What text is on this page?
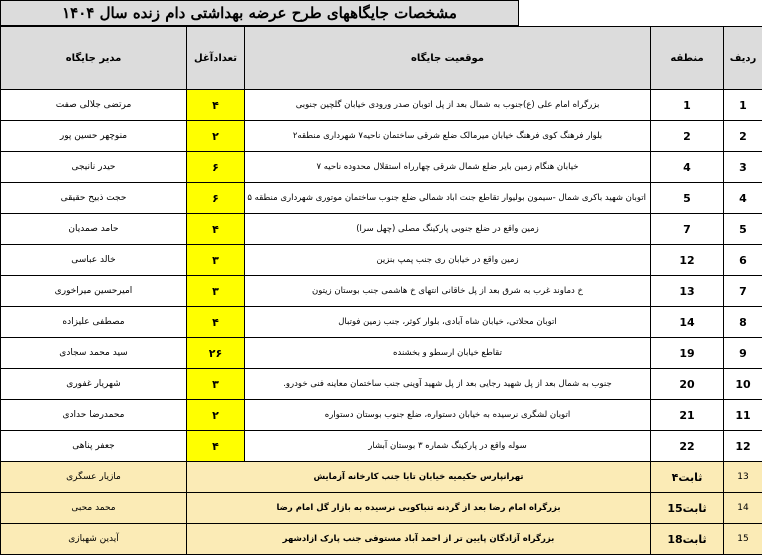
مشخصات جایگاههای طرح عرضه بهداشتی دام زنده سال ۱۴۰۴
ردیف	منطقه	موقعیت جایگاه	تعدادآغل	مدیر جایگاه
1	1	بزرگراه امام علی (ع)جنوب به شمال بعد از پل اتوبان صدر ورودی خیابان گلچین جنوبی	۴	مرتضی جلالی صفت
2	2	بلوار فرهنگ کوی فرهنگ خیابان میرمالک ضلع شرقی ساختمان ناحیه۷ شهرداری منطقه۲	۲	منوچهر حسین پور
3	4	خیابان هنگام زمین بایر ضلع شمال شرقی چهارراه استقلال محدوده ناحیه ۷	۶	حیدر نانیجی
4	5	اتوبان شهید باکری شمال -سیمون بولیوار تقاطع جنت اباد شمالی ضلع جنوب ساختمان موتوری شهرداری منطقه ۵	۶	حجت ذبیح حقیقی
5	7	زمین واقع در ضلع جنوبی پارکینگ مصلی (چهل سرا)	۴	حامد صمدیان
6	12	زمین واقع در خیابان ری جنب پمپ بنزین	۳	خالد عباسی
7	13	خ دماوند غرب به شرق بعد از پل خاقانی انتهای خ هاشمی جنب بوستان زیتون	۳	امیرحسین میراخوری
8	14	اتوبان محلاتی، خیابان شاه آبادی، بلوار کوثر، جنب زمین فوتبال	۴	مصطفی علیزاده
9	19	تقاطع خیابان ارسطو و بخشنده	۲۶	سید محمد سجادی
10	20	جنوب به شمال بعد از پل شهید رجایی بعد از پل شهید آوینی جنب ساختمان معاینه فنی خودرو.	۳	شهریار غفوری
11	21	اتوبان لشگری نرسیده به خیابان دستواره، ضلع جنوب بوستان دستواره	۲	محمدرضا حدادی
12	22	سوله واقع در پارکینگ شماره ۳ بوستان آبشار	۴	جعفر پناهی
13	ثابت۴	تهرانپارس حکیمیه خیابان تابا جنب کارخانه آزمایش		مازیار عسگری
14	ثابت15	بزرگراه امام رضا بعد از گردنه تنباکویی نرسیده به بازار گل امام رضا		محمد محبی
15	ثابت18	بزرگراه آزادگان پایین تر از احمد آباد مستوفی جنب پارک ازادشهر		آیدین شهبازی
